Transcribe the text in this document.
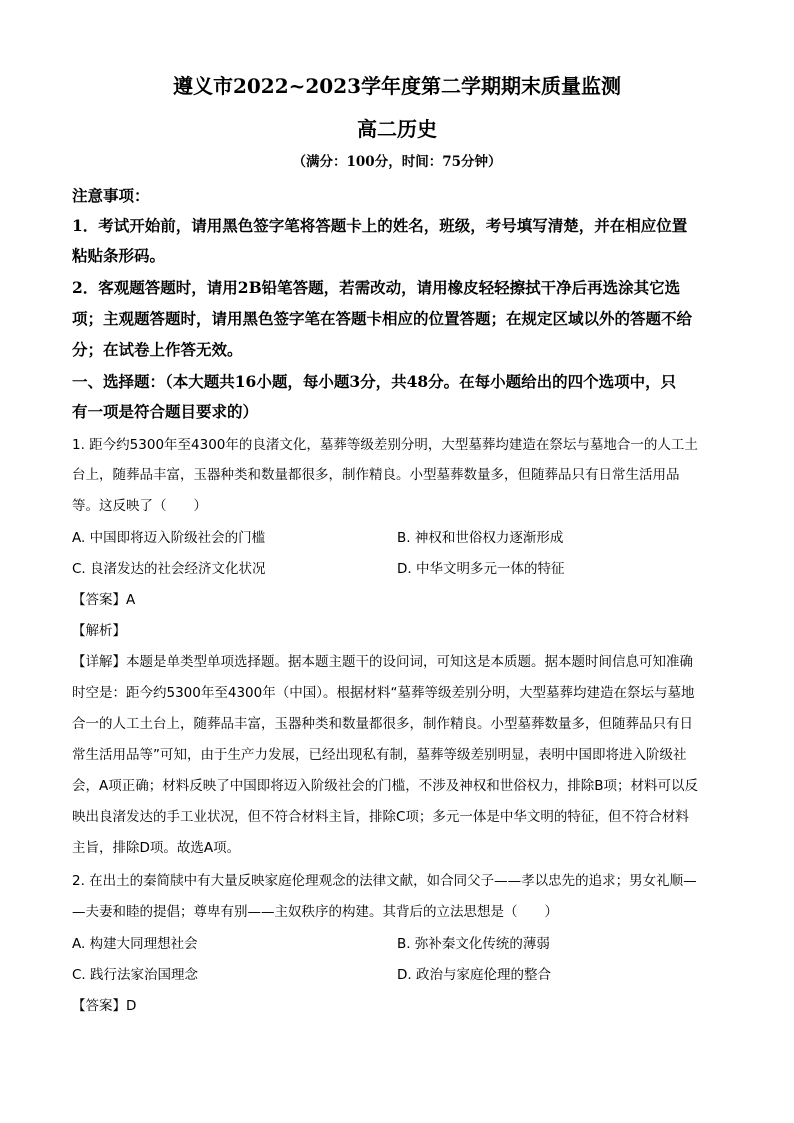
遵义市2022~2023学年度第二学期期末质量监测
高二历史
（满分：100分，时间：75分钟）
注意事项：
1．考试开始前，请用黑色签字笔将答题卡上的姓名，班级，考号填写清楚，并在相应位置
粘贴条形码。
2．客观题答题时，请用2B铅笔答题，若需改动，请用橡皮轻轻擦拭干净后再选涂其它选
项；主观题答题时，请用黑色签字笔在答题卡相应的位置答题；在规定区域以外的答题不给
分；在试卷上作答无效。
一、选择题：（本大题共16小题，每小题3分，共48分。在每小题给出的四个选项中，只
有一项是符合题目要求的）
1. 距今约5300年至4300年的良渚文化，墓葬等级差别分明，大型墓葬均建造在祭坛与墓地合一的人工土
台上，随葬品丰富，玉器种类和数量都很多，制作精良。小型墓葬数量多，但随葬品只有日常生活用品
等。这反映了（　　）
A. 中国即将迈入阶级社会的门槛	B. 神权和世俗权力逐渐形成
C. 良渚发达的社会经济文化状况	D. 中华文明多元一体的特征
【答案】A
【解析】
【详解】本题是单类型单项选择题。据本题主题干的设问词，可知这是本质题。据本题时间信息可知准确
时空是：距今约5300年至4300年（中国）。根据材料“墓葬等级差别分明，大型墓葬均建造在祭坛与墓地
合一的人工土台上，随葬品丰富，玉器种类和数量都很多，制作精良。小型墓葬数量多，但随葬品只有日
常生活用品等”可知，由于生产力发展，已经出现私有制，墓葬等级差别明显，表明中国即将进入阶级社
会，A项正确；材料反映了中国即将迈入阶级社会的门槛，不涉及神权和世俗权力，排除B项；材料可以反
映出良渚发达的手工业状况，但不符合材料主旨，排除C项；多元一体是中华文明的特征，但不符合材料
主旨，排除D项。故选A项。
2. 在出土的秦简牍中有大量反映家庭伦理观念的法律文献，如合同父子——孝以忠先的追求；男女礼顺—
—夫妻和睦的提倡；尊卑有别——主奴秩序的构建。其背后的立法思想是（　　）
A. 构建大同理想社会	B. 弥补秦文化传统的薄弱
C. 践行法家治国理念	D. 政治与家庭伦理的整合
【答案】D
